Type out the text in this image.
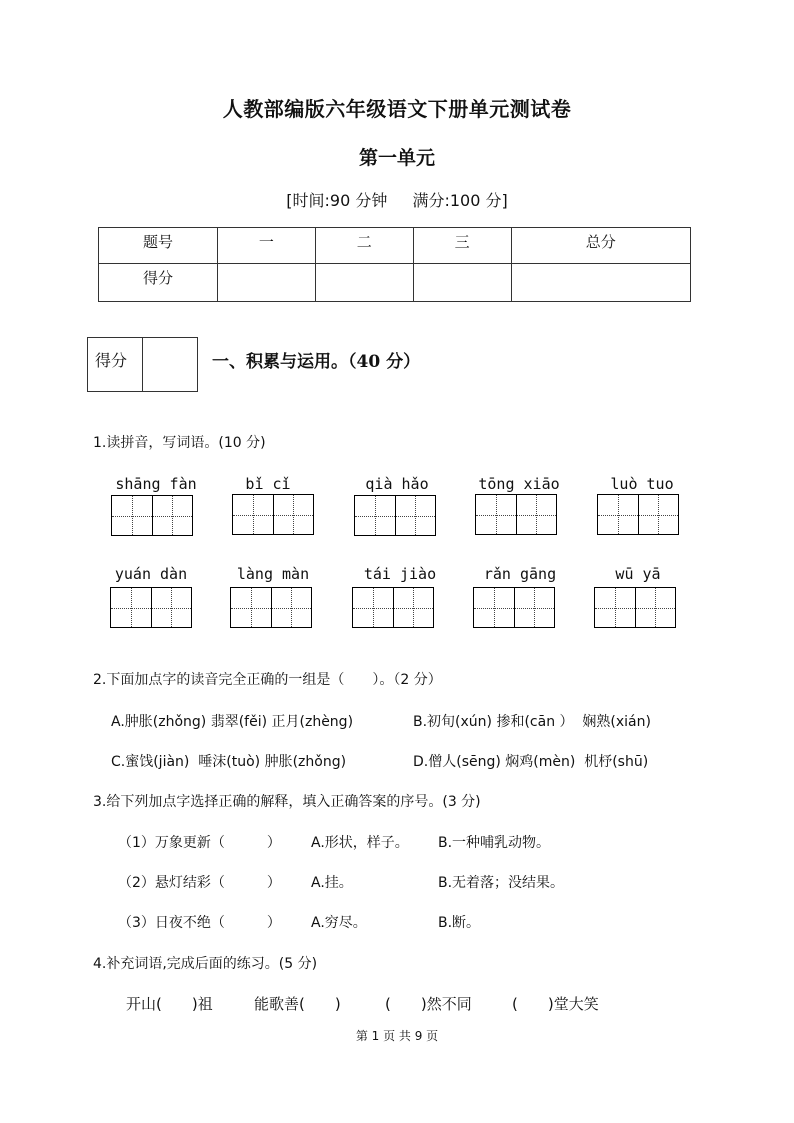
人教部编版六年级语文下册单元测试卷
第一单元
[时间:90 分钟 满分:100 分]
题号	一	二	三	总分
得分				
得分	一、积累与运用。（40 分）
1.读拼音，写词语。(10 分)
shāng fàn	bǐ cǐ	qià hǎo	tōng xiāo	luò tuo
yuán dàn	làng màn	tái jiào	rǎn gāng	wū yā
2.下面加点字的读音完全正确的一组是（　　）。（2 分）
A.肿胀(zhǒng) 翡翠(fěi) 正月(zhèng)	B.初旬(xún) 掺和(cān ）  娴熟(xián)
C.蜜饯(jiàn)  唾沫(tuò) 肿胀(zhǒng)	D.僧人(sēng) 焖鸡(mèn)  机杼(shū)
3.给下列加点字选择正确的解释，填入正确答案的序号。(3 分)
（1）万象更新（　　　） A.形状，样子。 B.一种哺乳动物。
（2）悬灯结彩（　　　） A.挂。	B.无着落；没结果。
（3）日夜不绝（　　　） A.穷尽。	B.断。
4.补充词语,完成后面的练习。(5 分)
开山(　　)祖	能歌善(　　)	(　　)然不同	(　　)堂大笑
第 1 页 共 9 页
